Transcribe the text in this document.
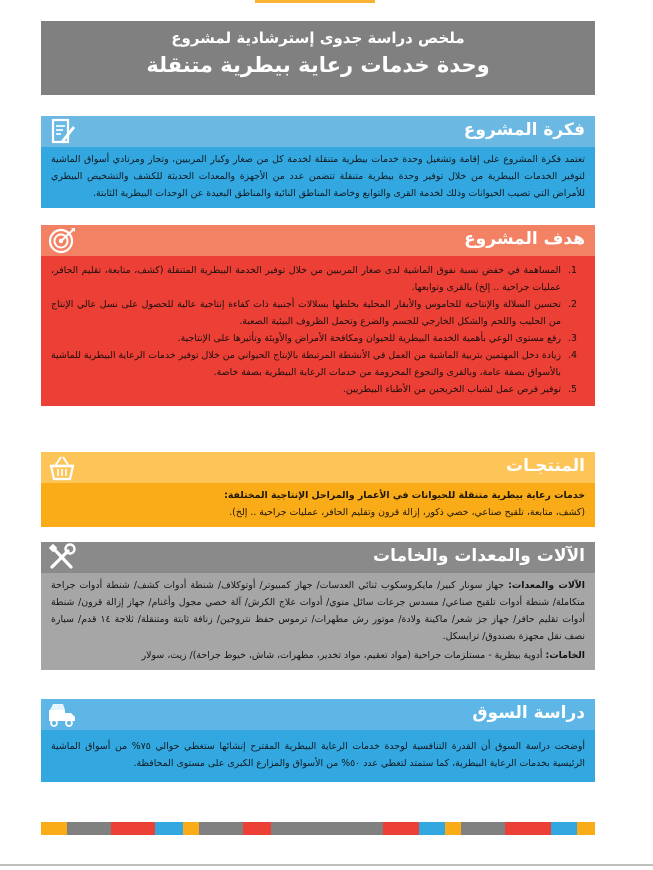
ملخص دراسة جدوى إسترشادية لمشروع
وحدة خدمات رعاية بيطرية متنقلة
فكرة المشروع
تعتمد فكرة المشروع على إقامة وتشغيل وحدة خدمات بيطرية متنقلة لخدمة كل من صغار وكبار المربيين، وتجار ومرتادي أسواق الماشية لتوفير الخدمات البيطرية من خلال توفير وحدة بيطرية متنقلة تتضمن عدد من الأجهزة والمعدات الحديثة للكشف والتشخيص البيطري للأمراض التي تصيب الحيوانات وذلك لخدمة القرى والتوابع وخاصة المناطق النائية والمناطق البعيدة عن الوحدات البيطرية الثابتة.
هدف المشروع
1. المساهمة في خفض نسبة نفوق الماشية لدى صغار المربيين من خلال توفير الخدمة البيطرية المتنقلة (كشف، متابعة، تقليم الحافر، عمليات جراحية .. إلخ) بالقرى وتوابعها.
2. تحسين السلالة والإنتاجية للجاموس والأبقار المحلية بخلطها بسلالات أجنبية ذات كفاءة إنتاجية عالية للحصول على نسل عالي الإنتاج من الحليب واللحم والشكل الخارجي للجسم والضرع وتحمل الظروف البيئية الصعبة.
3. رفع مستوى الوعي بأهمية الخدمة البيطرية للحيوان ومكافحة الأمراض والأوبئة وتأثيرها على الإنتاجية.
4. زيادة دخل المهتمين بتربية الماشية من العمل في الأنشطة المرتبطة بالإنتاج الحيواني من خلال توفير خدمات الرعاية البيطرية للماشية بالأسواق بصفة عامة، وبالقرى والنجوع المحرومة من خدمات الرعاية البيطرية بصفة خاصة.
5. توفير فرص عمل لشباب الخريجين من الأطباء البيطريين.
المنتجـات
خدمات رعاية بيطرية متنقلة للحيوانات في الأعمار والمراحل الإنتاجية المختلفة:
(كشف، متابعة، تلقيح صناعي، خصي ذكور، إزالة قرون وتقليم الحافر، عمليات جراحية .. إلخ).
الآلات والمعدات والخامات
الآلات والمعدات: جهاز سونار كبير/ مايكروسكوب ثنائي العدسات/ جهاز كمبيوتر/ أوتوكلاف/ شنطة أدوات كشف/ شنطة أدوات جراحة متكاملة/ شنطة أدوات تلقيح صناعي/ مسدس جرعات سائل منوي/ أدوات علاج الكرش/ آلة خصي مجول وأغنام/ جهاز إزالة قرون/ شنطة أدوات تقليم حافر/ جهاز جز شعر/ ماكينة ولادة/ موتور رش مطهرات/ ترموس حفظ نتروجين/ زنافة ثابتة ومتنقلة/ ثلاجة ١٤ قدم/ سيارة نصف نقل مجهزة بصندوق/ ترايسكل.
الخامات: أدوية بيطرية - مستلزمات جراحية (مواد تعقيم، مواد تخدير، مطهرات، شاش، خيوط جراحة)/ زيت، سولار
دراسة السوق
أوضحت دراسة السوق أن القدرة التنافسية لوحدة خدمات الرعاية البيطرية المقترح إنشائها ستغطي حوالي ٧٥% من أسواق الماشية الرئيسية بخدمات الرعاية البيطرية، كما ستمتد لتغطي عدد ٥٠% من الأسواق والمزارع الكبرى على مستوى المحافظة.
